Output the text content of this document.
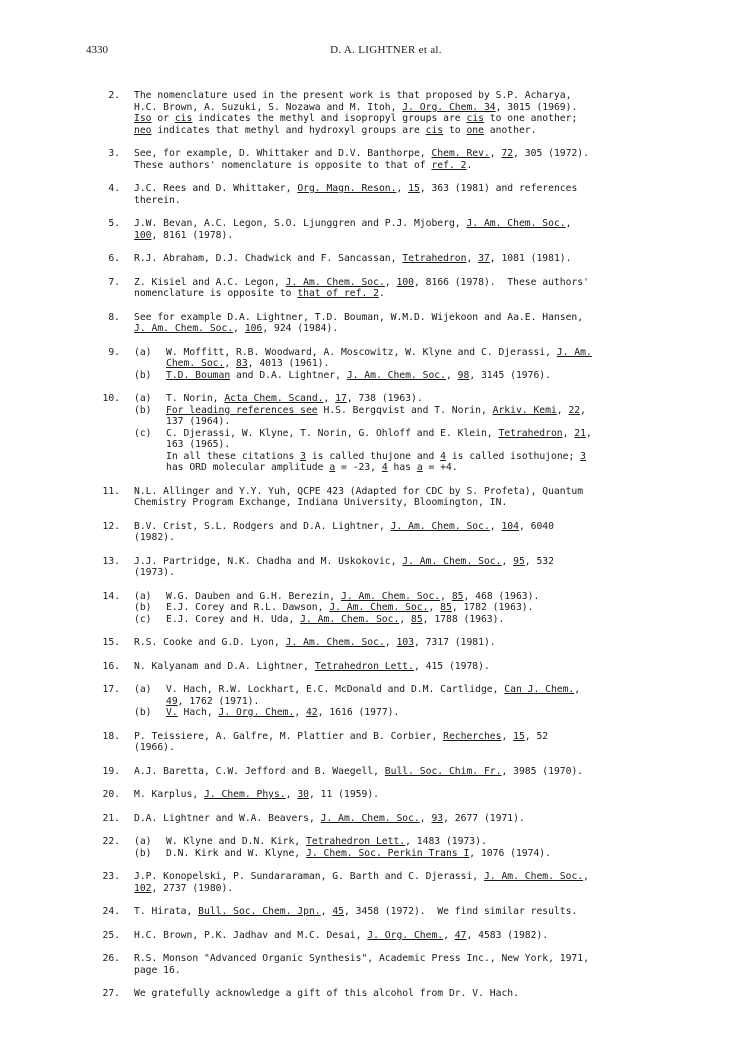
4330	D. A. LIGHTNER et al.
2.	The nomenclature used in the present work is that proposed by S.P. Acharya,
H.C. Brown, A. Suzuki, S. Nozawa and M. Itoh, J. Org. Chem. 34, 3015 (1969).
Iso or cis indicates the methyl and isopropyl groups are cis to one another;
neo indicates that methyl and hydroxyl groups are cis to one another.
3.	See, for example, D. Whittaker and D.V. Banthorpe, Chem. Rev., 72, 305 (1972).
These authors' nomenclature is opposite to that of ref. 2.
4.	J.C. Rees and D. Whittaker, Org. Magn. Reson., 15, 363 (1981) and references
therein.
5.	J.W. Bevan, A.C. Legon, S.O. Ljunggren and P.J. Mjoberg, J. Am. Chem. Soc.,
100, 8161 (1978).
6.	R.J. Abraham, D.J. Chadwick and F. Sancassan, Tetrahedron, 37, 1081 (1981).
7.	Z. Kisiel and A.C. Legon, J. Am. Chem. Soc., 100, 8166 (1978).  These authors'
nomenclature is opposite to that of ref. 2.
8.	See for example D.A. Lightner, T.D. Bouman, W.M.D. Wijekoon and Aa.E. Hansen,
J. Am. Chem. Soc., 106, 924 (1984).
9.	(a)	W. Moffitt, R.B. Woodward, A. Moscowitz, W. Klyne and C. Djerassi, J. Am.
Chem. Soc., 83, 4013 (1961).
(b)	T.D. Bouman and D.A. Lightner, J. Am. Chem. Soc., 98, 3145 (1976).
10.	(a)	T. Norin, Acta Chem. Scand., 17, 738 (1963).
(b)	For leading references see H.S. Bergqvist and T. Norin, Arkiv. Kemi, 22,
137 (1964).
(c)	C. Djerassi, W. Klyne, T. Norin, G. Ohloff and E. Klein, Tetrahedron, 21,
163 (1965).
In all these citations 3 is called thujone and 4 is called isothujone; 3
has ORD molecular amplitude a = -23, 4 has a = +4.
11.	N.L. Allinger and Y.Y. Yuh, QCPE 423 (Adapted for CDC by S. Profeta), Quantum
Chemistry Program Exchange, Indiana University, Bloomington, IN.
12.	B.V. Crist, S.L. Rodgers and D.A. Lightner, J. Am. Chem. Soc., 104, 6040
(1982).
13.	J.J. Partridge, N.K. Chadha and M. Uskokovic, J. Am. Chem. Soc., 95, 532
(1973).
14.	(a)	W.G. Dauben and G.H. Berezin, J. Am. Chem. Soc., 85, 468 (1963).
(b)	E.J. Corey and R.L. Dawson, J. Am. Chem. Soc., 85, 1782 (1963).
(c)	E.J. Corey and H. Uda, J. Am. Chem. Soc., 85, 1788 (1963).
15.	R.S. Cooke and G.D. Lyon, J. Am. Chem. Soc., 103, 7317 (1981).
16.	N. Kalyanam and D.A. Lightner, Tetrahedron Lett., 415 (1978).
17.	(a)	V. Hach, R.W. Lockhart, E.C. McDonald and D.M. Cartlidge, Can J. Chem.,
49, 1762 (1971).
(b)	V. Hach, J. Org. Chem., 42, 1616 (1977).
18.	P. Teissiere, A. Galfre, M. Plattier and B. Corbier, Recherches, 15, 52
(1966).
19.	A.J. Baretta, C.W. Jefford and B. Waegell, Bull. Soc. Chim. Fr., 3985 (1970).
20.	M. Karplus, J. Chem. Phys., 30, 11 (1959).
21.	D.A. Lightner and W.A. Beavers, J. Am. Chem. Soc., 93, 2677 (1971).
22.	(a)	W. Klyne and D.N. Kirk, Tetrahedron Lett., 1483 (1973).
(b)	D.N. Kirk and W. Klyne, J. Chem. Soc. Perkin Trans I, 1076 (1974).
23.	J.P. Konopelski, P. Sundararaman, G. Barth and C. Djerassi, J. Am. Chem. Soc.,
102, 2737 (1980).
24.	T. Hirata, Bull. Soc. Chem. Jpn., 45, 3458 (1972).  We find similar results.
25.	H.C. Brown, P.K. Jadhav and M.C. Desai, J. Org. Chem., 47, 4583 (1982).
26.	R.S. Monson "Advanced Organic Synthesis", Academic Press Inc., New York, 1971,
page 16.
27.	We gratefully acknowledge a gift of this alcohol from Dr. V. Hach.
